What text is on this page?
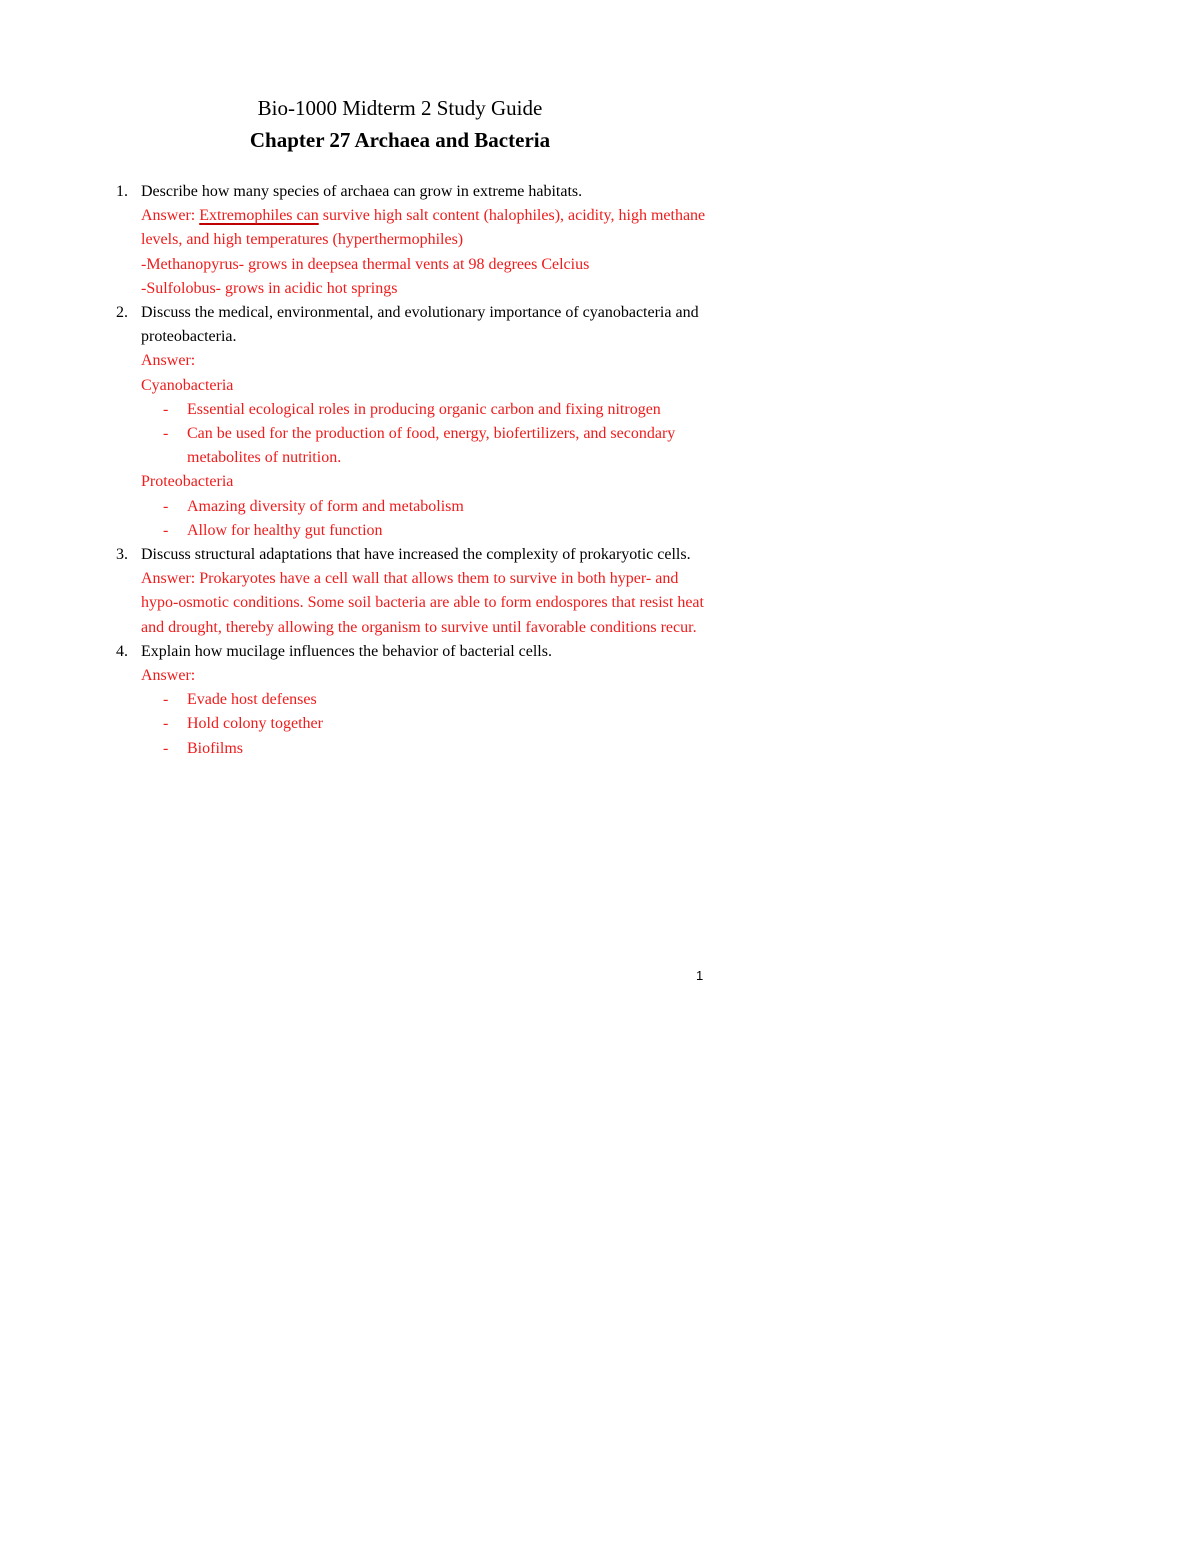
Bio-1000 Midterm 2 Study Guide
Chapter 27 Archaea and Bacteria
1. Describe how many species of archaea can grow in extreme habitats.
Answer: Extremophiles can survive high salt content (halophiles), acidity, high methane levels, and high temperatures (hyperthermophiles)
-Methanopyrus- grows in deepsea thermal vents at 98 degrees Celcius
-Sulfolobus- grows in acidic hot springs
2. Discuss the medical, environmental, and evolutionary importance of cyanobacteria and proteobacteria.
Answer:
Cyanobacteria
- Essential ecological roles in producing organic carbon and fixing nitrogen
- Can be used for the production of food, energy, biofertilizers, and secondary metabolites of nutrition.
Proteobacteria
- Amazing diversity of form and metabolism
- Allow for healthy gut function
3. Discuss structural adaptations that have increased the complexity of prokaryotic cells.
Answer: Prokaryotes have a cell wall that allows them to survive in both hyper- and hypo-osmotic conditions. Some soil bacteria are able to form endospores that resist heat and drought, thereby allowing the organism to survive until favorable conditions recur.
4. Explain how mucilage influences the behavior of bacterial cells.
Answer:
- Evade host defenses
- Hold colony together
- Biofilms
1
